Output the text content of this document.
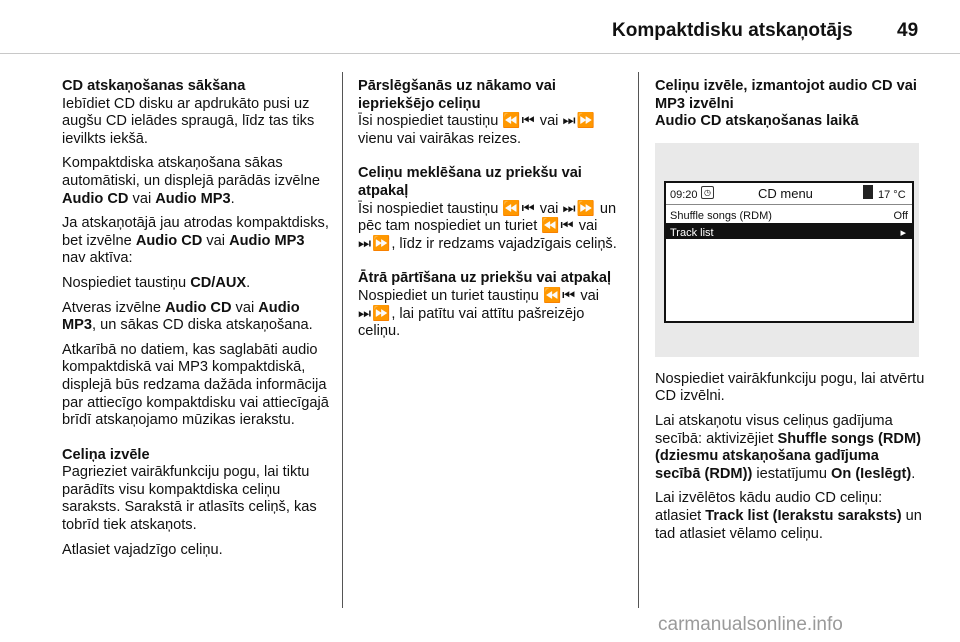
Kompaktdisku atskaņotājs 49
CD atskaņošanas sākšana

Iebīdiet CD disku ar apdrukāto pusi uz augšu CD ielādes spraugā, līdz tas tiks ievilkts iekšā.

Kompaktdiska atskaņošana sākas automātiski, un displejā parādās izvēlne Audio CD vai Audio MP3.

Ja atskaņotājā jau atrodas kompaktdisks, bet izvēlne Audio CD vai Audio MP3 nav aktīva:

Nospiediet taustiņu CD/AUX.

Atveras izvēlne Audio CD vai Audio MP3, un sākas CD diska atskaņošana.

Atkarībā no datiem, kas saglabāti audio kompaktdiskā vai MP3 kompaktdiskā, displejā būs redzama dažāda informācija par attiecīgo kompaktdisku vai attiecīgajā brīdī atskaņojamo mūzikas ierakstu.

Celiņa izvēle

Pagrieziet vairākfunkciju pogu, lai tiktu parādīts visu kompaktdiska celiņu saraksts. Sarakstā ir atlasīts celiņš, kas tobrīd tiek atskaņots.

Atlasiet vajadzīgo celiņu.

Pārslēgšanās uz nākamo vai iepriekšējo celiņu

Īsi nospiediet taustiņu ⏪⏮ vai ⏭⏩ vienu vai vairākas reizes.

Celiņu meklēšana uz priekšu vai atpakaļ

Īsi nospiediet taustiņu ⏪⏮ vai ⏭⏩ un pēc tam nospiediet un turiet ⏪⏮ vai ⏭⏩, līdz ir redzams vajadzīgais celiņš.

Ātrā pārtīšana uz priekšu vai atpakaļ

Nospiediet un turiet taustiņu ⏪⏮ vai ⏭⏩, lai patītu vai attītu pašreizējo celiņu.

Celiņu izvēle, izmantojot audio CD vai MP3 izvēlni
Audio CD atskaņošanas laikā
09:20 ◷	CD menu	17 °C
Shuffle songs (RDM)	Off
Track list	▸

Nospiediet vairākfunkciju pogu, lai atvērtu CD izvēlni.

Lai atskaņotu visus celiņus gadījuma secībā: aktivizējiet Shuffle songs (RDM) (dziesmu atskaņošana gadījuma secībā (RDM)) iestatījumu On (Ieslēgt).

Lai izvēlētos kādu audio CD celiņu: atlasiet Track list (Ierakstu saraksts) un tad atlasiet vēlamo celiņu.

carmanualsonline.info
